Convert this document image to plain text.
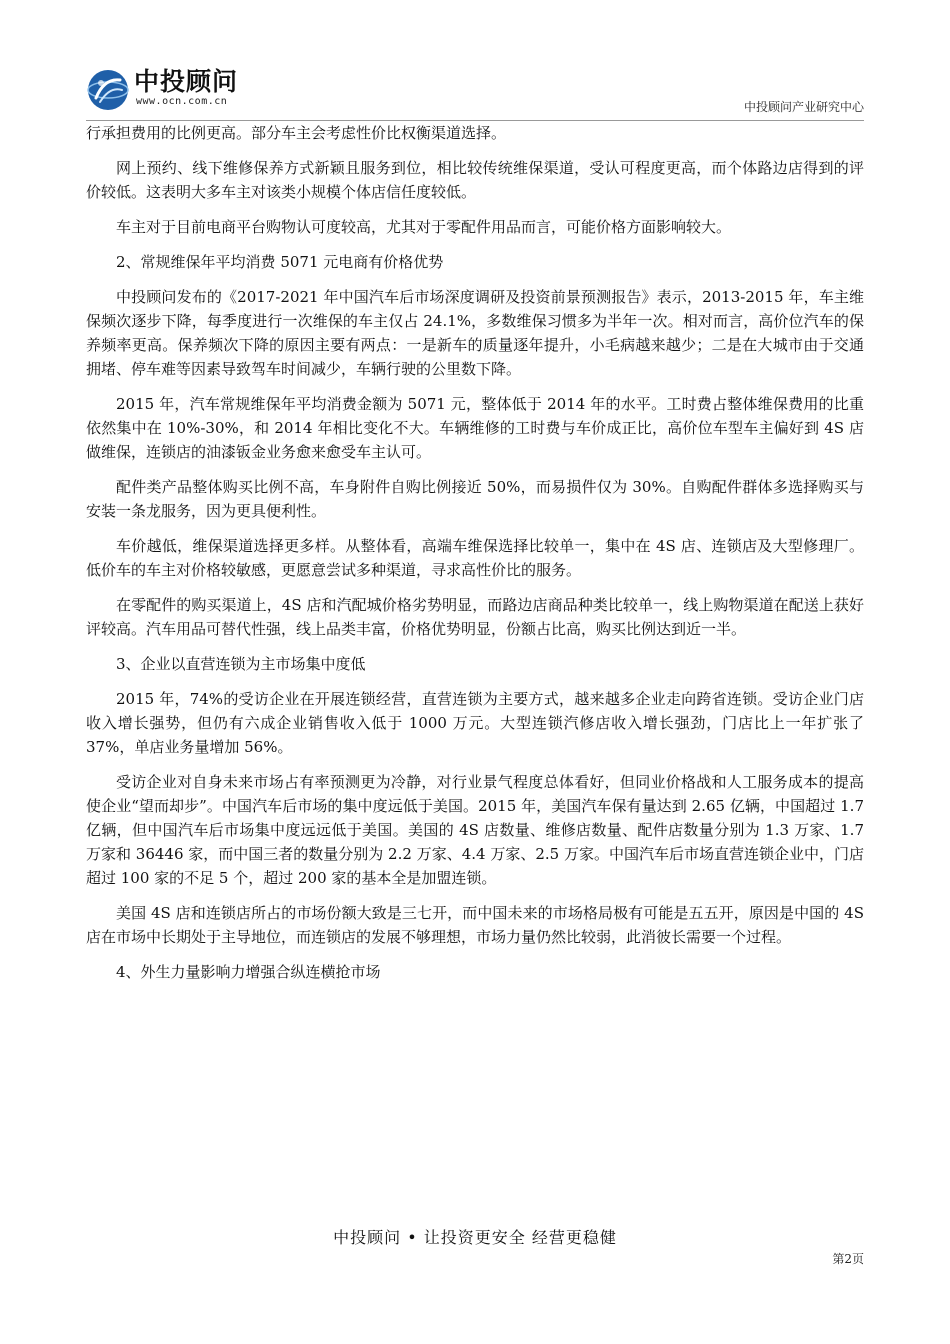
中投顾问
www.ocn.com.cn	中投顾问产业研究中心

行承担费用的比例更高。部分车主会考虑性价比权衡渠道选择。

网上预约、线下维修保养方式新颖且服务到位，相比较传统维保渠道，受认可程度更高，而个体路边店得到的评价较低。这表明大多车主对该类小规模个体店信任度较低。

车主对于目前电商平台购物认可度较高，尤其对于零配件用品而言，可能价格方面影响较大。

2、常规维保年平均消费 5071 元电商有价格优势

中投顾问发布的《2017-2021 年中国汽车后市场深度调研及投资前景预测报告》表示，2013-2015 年，车主维保频次逐步下降，每季度进行一次维保的车主仅占 24.1%，多数维保习惯多为半年一次。相对而言，高价位汽车的保养频率更高。保养频次下降的原因主要有两点：一是新车的质量逐年提升，小毛病越来越少；二是在大城市由于交通拥堵、停车难等因素导致驾车时间减少，车辆行驶的公里数下降。

2015 年，汽车常规维保年平均消费金额为 5071 元，整体低于 2014 年的水平。工时费占整体维保费用的比重依然集中在 10%-30%，和 2014 年相比变化不大。车辆维修的工时费与车价成正比，高价位车型车主偏好到 4S 店做维保，连锁店的油漆钣金业务愈来愈受车主认可。

配件类产品整体购买比例不高，车身附件自购比例接近 50%，而易损件仅为 30%。自购配件群体多选择购买与安装一条龙服务，因为更具便利性。

车价越低，维保渠道选择更多样。从整体看，高端车维保选择比较单一，集中在 4S 店、连锁店及大型修理厂。低价车的车主对价格较敏感，更愿意尝试多种渠道，寻求高性价比的服务。

在零配件的购买渠道上，4S 店和汽配城价格劣势明显，而路边店商品种类比较单一，线上购物渠道在配送上获好评较高。汽车用品可替代性强，线上品类丰富，价格优势明显，份额占比高，购买比例达到近一半。

3、企业以直营连锁为主市场集中度低

2015 年，74%的受访企业在开展连锁经营，直营连锁为主要方式，越来越多企业走向跨省连锁。受访企业门店收入增长强势，但仍有六成企业销售收入低于 1000 万元。大型连锁汽修店收入增长强劲，门店比上一年扩张了 37%，单店业务量增加 56%。

受访企业对自身未来市场占有率预测更为冷静，对行业景气程度总体看好，但同业价格战和人工服务成本的提高使企业“望而却步”。中国汽车后市场的集中度远低于美国。2015 年，美国汽车保有量达到 2.65 亿辆，中国超过 1.7 亿辆，但中国汽车后市场集中度远远低于美国。美国的 4S 店数量、维修店数量、配件店数量分别为 1.3 万家、1.7 万家和 36446 家，而中国三者的数量分别为 2.2 万家、4.4 万家、2.5 万家。中国汽车后市场直营连锁企业中，门店超过 100 家的不足 5 个，超过 200 家的基本全是加盟连锁。

美国 4S 店和连锁店所占的市场份额大致是三七开，而中国未来的市场格局极有可能是五五开，原因是中国的 4S 店在市场中长期处于主导地位，而连锁店的发展不够理想，市场力量仍然比较弱，此消彼长需要一个过程。

4、外生力量影响力增强合纵连横抢市场

中投顾问 • 让投资更安全 经营更稳健
第2页
